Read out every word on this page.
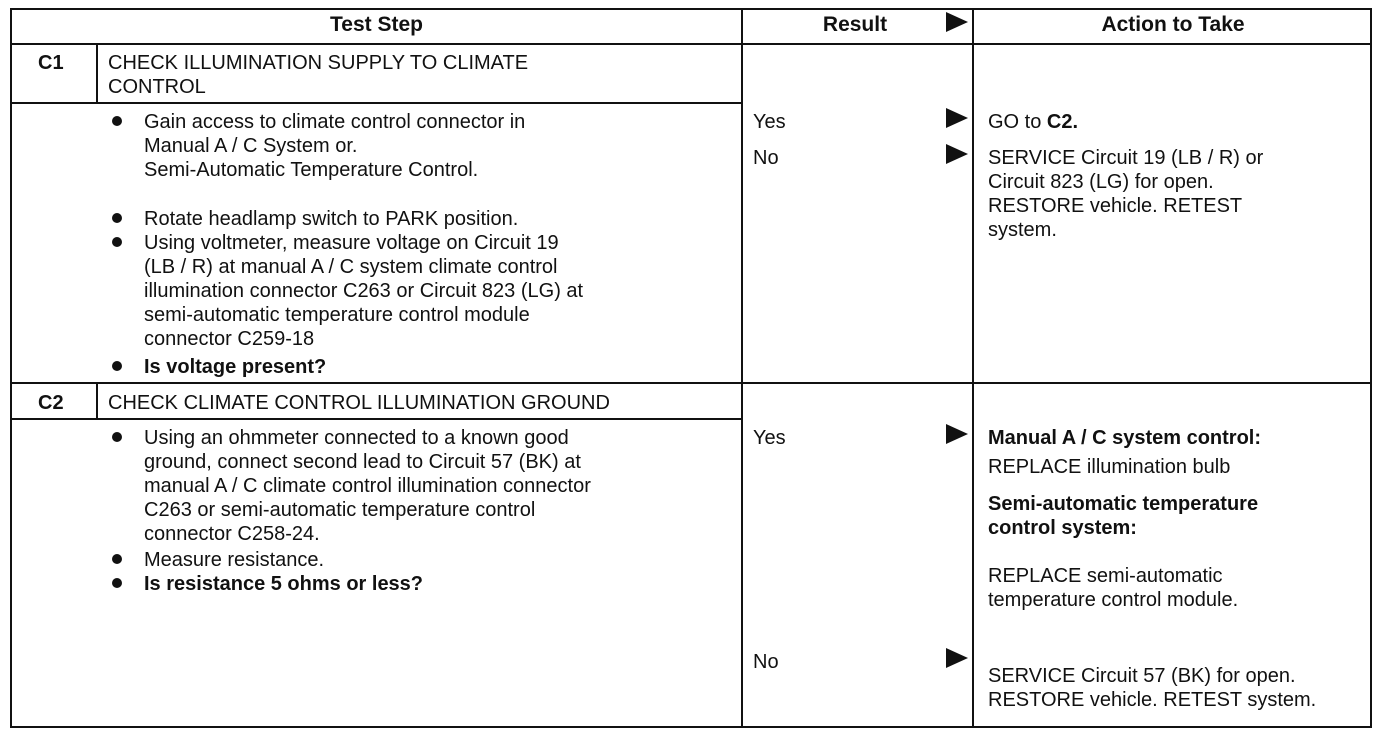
Test Step	Result	Action to Take
C1 CHECK ILLUMINATION SUPPLY TO CLIMATE
CONTROL
Gain access to climate control connector in
Manual A / C System or.
Semi-Automatic Temperature Control.
Rotate headlamp switch to PARK position.
Using voltmeter, measure voltage on Circuit 19
(LB / R) at manual A / C system climate control
illumination connector C263 or Circuit 823 (LG) at
semi-automatic temperature control module
connector C259-18
Is voltage present?
Yes
No
GO to C2.
SERVICE Circuit 19 (LB / R) or
Circuit 823 (LG) for open.
RESTORE vehicle. RETEST
system.
C2 CHECK CLIMATE CONTROL ILLUMINATION GROUND
Using an ohmmeter connected to a known good
ground, connect second lead to Circuit 57 (BK) at
manual A / C climate control illumination connector
C263 or semi-automatic temperature control
connector C258-24.
Measure resistance.
Is resistance 5 ohms or less?
Yes
No
Manual A / C system control:
REPLACE illumination bulb
Semi-automatic temperature
control system:
REPLACE semi-automatic
temperature control module.
SERVICE Circuit 57 (BK) for open.
RESTORE vehicle. RETEST system.
